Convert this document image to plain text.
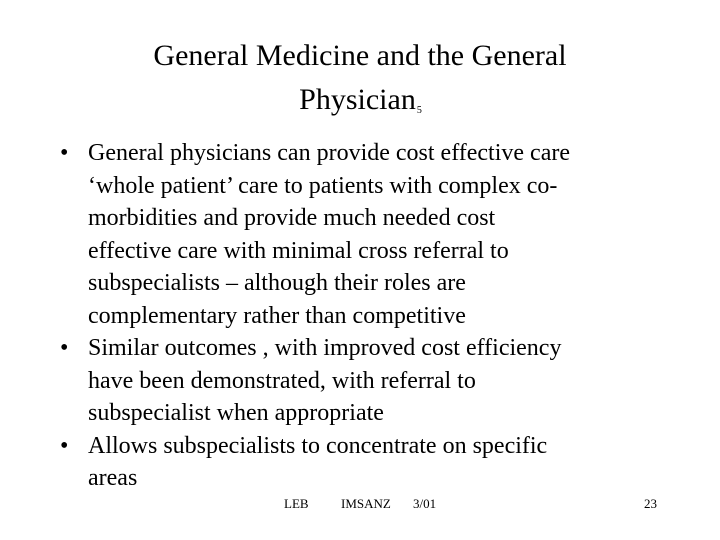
General Medicine and the General
Physician5
• General physicians can provide cost effective care
‘whole patient’ care to patients with complex co-
morbidities and provide much needed cost
effective care with minimal cross referral to
subspecialists – although their roles are
complementary rather than competitive
• Similar outcomes , with improved cost efficiency
have been demonstrated, with referral to
subspecialist when appropriate
• Allows subspecialists to concentrate on specific
areas
LEB IMSANZ 3/01	23
